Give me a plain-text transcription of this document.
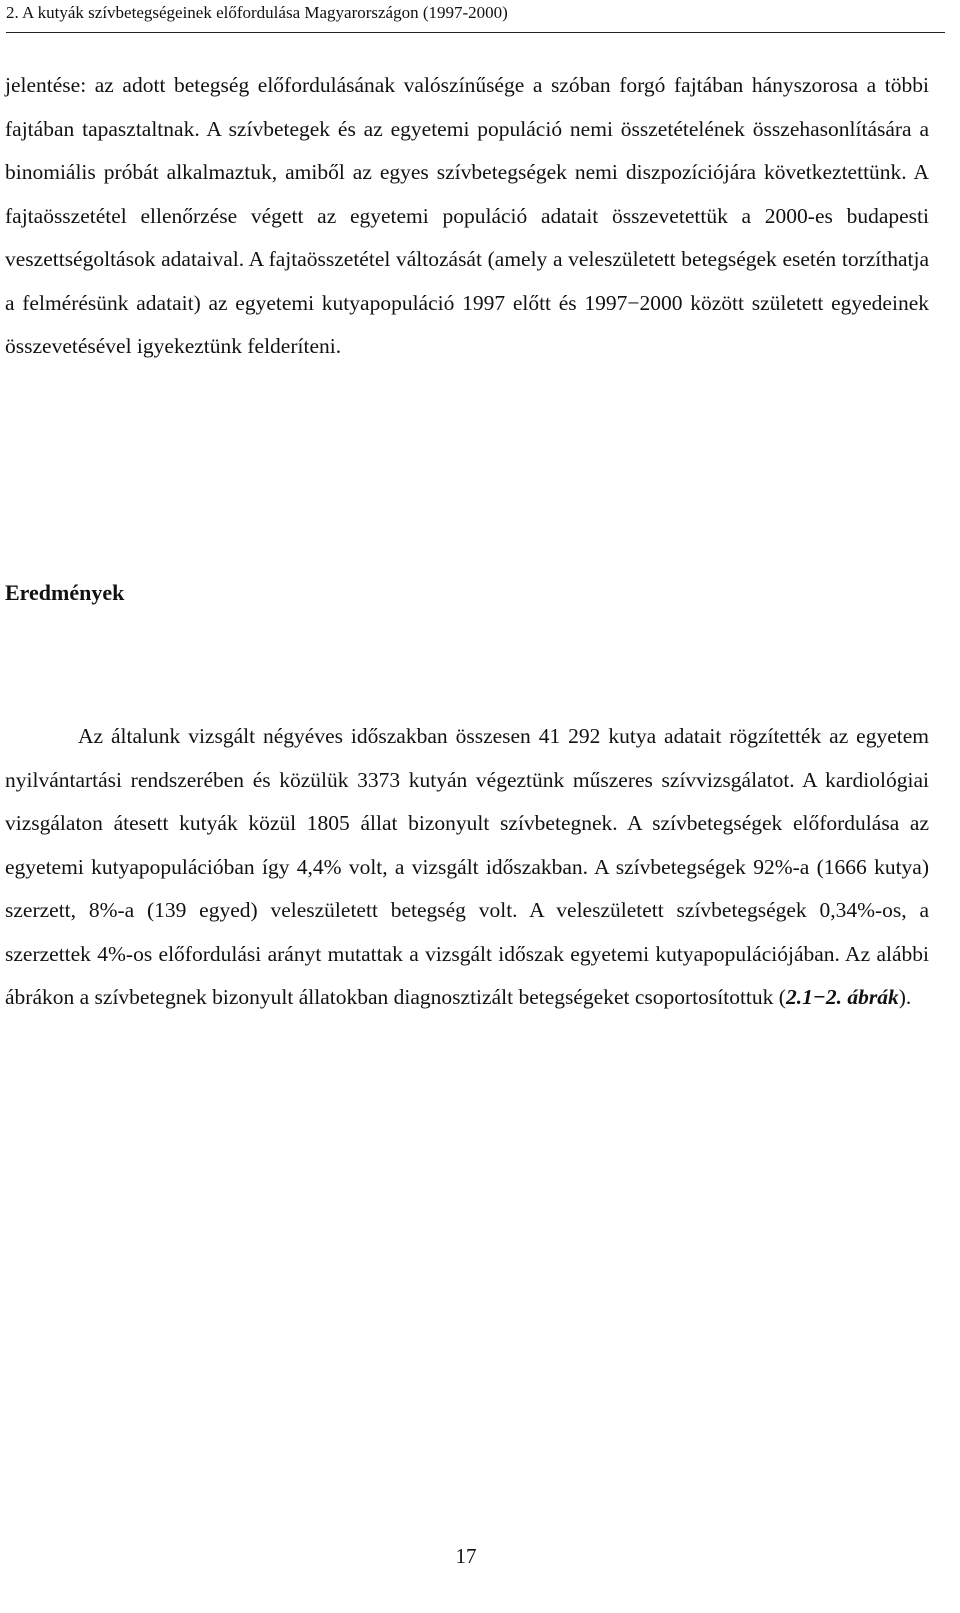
2. A kutyák szívbetegségeinek előfordulása Magyarországon (1997-2000)

jelentése: az adott betegség előfordulásának valószínűsége a szóban forgó fajtában hányszorosa a többi fajtában tapasztaltnak. A szívbetegek és az egyetemi populáció nemi összetételének összehasonlítására a binomiális próbát alkalmaztuk, amiből az egyes szívbetegségek nemi diszpozíciójára következtettünk. A fajtaösszetétel ellenőrzése végett az egyetemi populáció adatait összevetettük a 2000-es budapesti veszettségoltások adataival. A fajtaösszetétel változását (amely a veleszületett betegségek esetén torzíthatja a felmérésünk adatait) az egyetemi kutyapopuláció 1997 előtt és 1997−2000 között született egyedeinek összevetésével igyekeztünk felderíteni.

Eredmények

Az általunk vizsgált négyéves időszakban összesen 41 292 kutya adatait rögzítették az egyetem nyilvántartási rendszerében és közülük 3373 kutyán végeztünk műszeres szívvizsgálatot. A kardiológiai vizsgálaton átesett kutyák közül 1805 állat bizonyult szívbetegnek. A szívbetegségek előfordulása az egyetemi kutyapopulációban így 4,4% volt, a vizsgált időszakban. A szívbetegségek 92%-a (1666 kutya) szerzett, 8%-a (139 egyed) veleszületett betegség volt. A veleszületett szívbetegségek 0,34%-os, a szerzettek 4%-os előfordulási arányt mutattak a vizsgált időszak egyetemi kutyapopulációjában. Az alábbi ábrákon a szívbetegnek bizonyult állatokban diagnosztizált betegségeket csoportosítottuk (2.1−2. ábrák).

17
